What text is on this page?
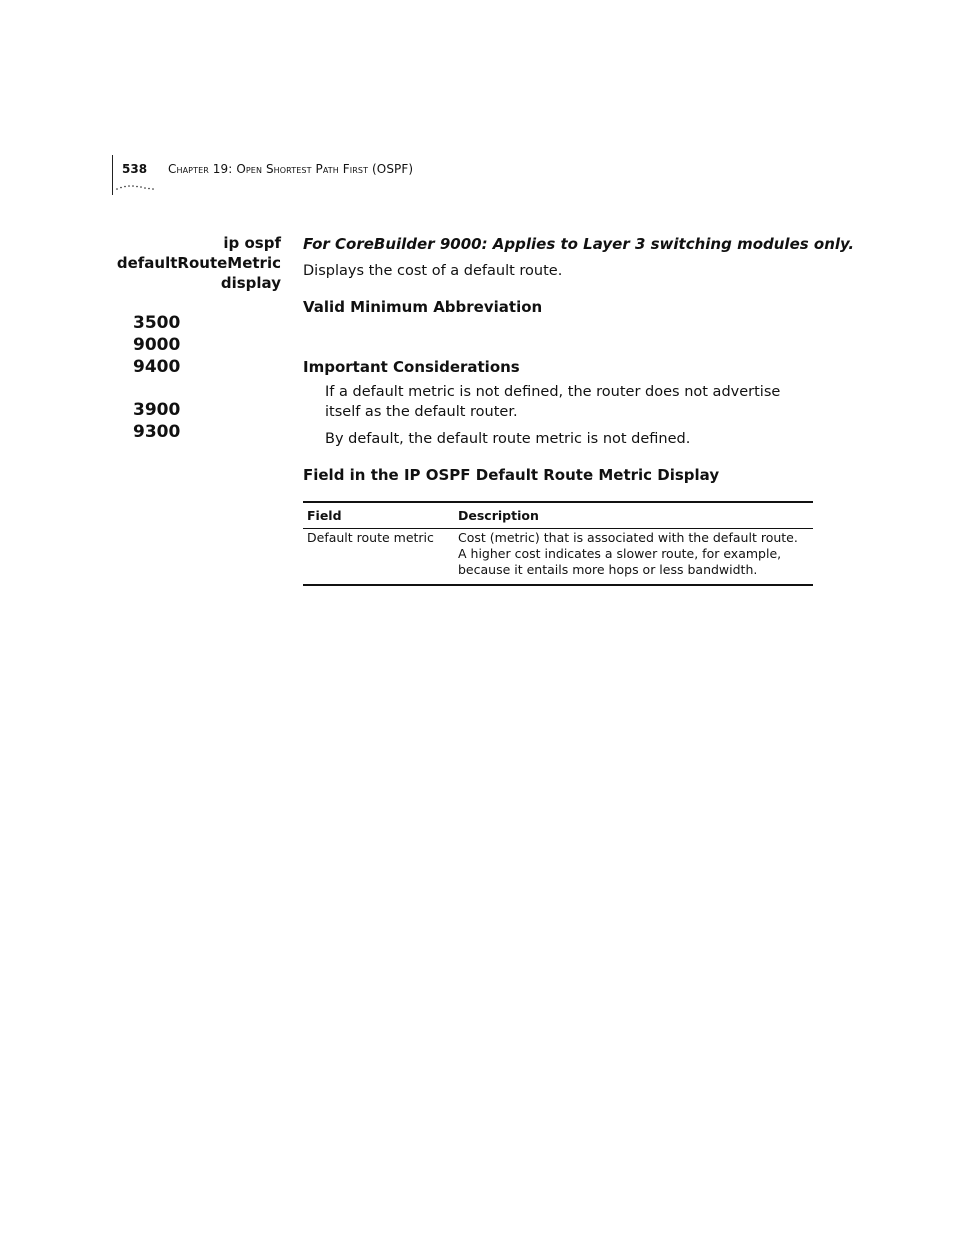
538 Chapter 19: Open Shortest Path First (OSPF)
ip ospf
defaultRouteMetric
display
3500
9000
9400
3900
9300
For CoreBuilder 9000: Applies to Layer 3 switching modules only.
Displays the cost of a default route.
Valid Minimum Abbreviation
Important Considerations
If a default metric is not defined, the router does not advertise itself as the default router.
By default, the default route metric is not defined.
Field in the IP OSPF Default Route Metric Display
Field	Description
Default route metric	Cost (metric) that is associated with the default route. A higher cost indicates a slower route, for example, because it entails more hops or less bandwidth.
